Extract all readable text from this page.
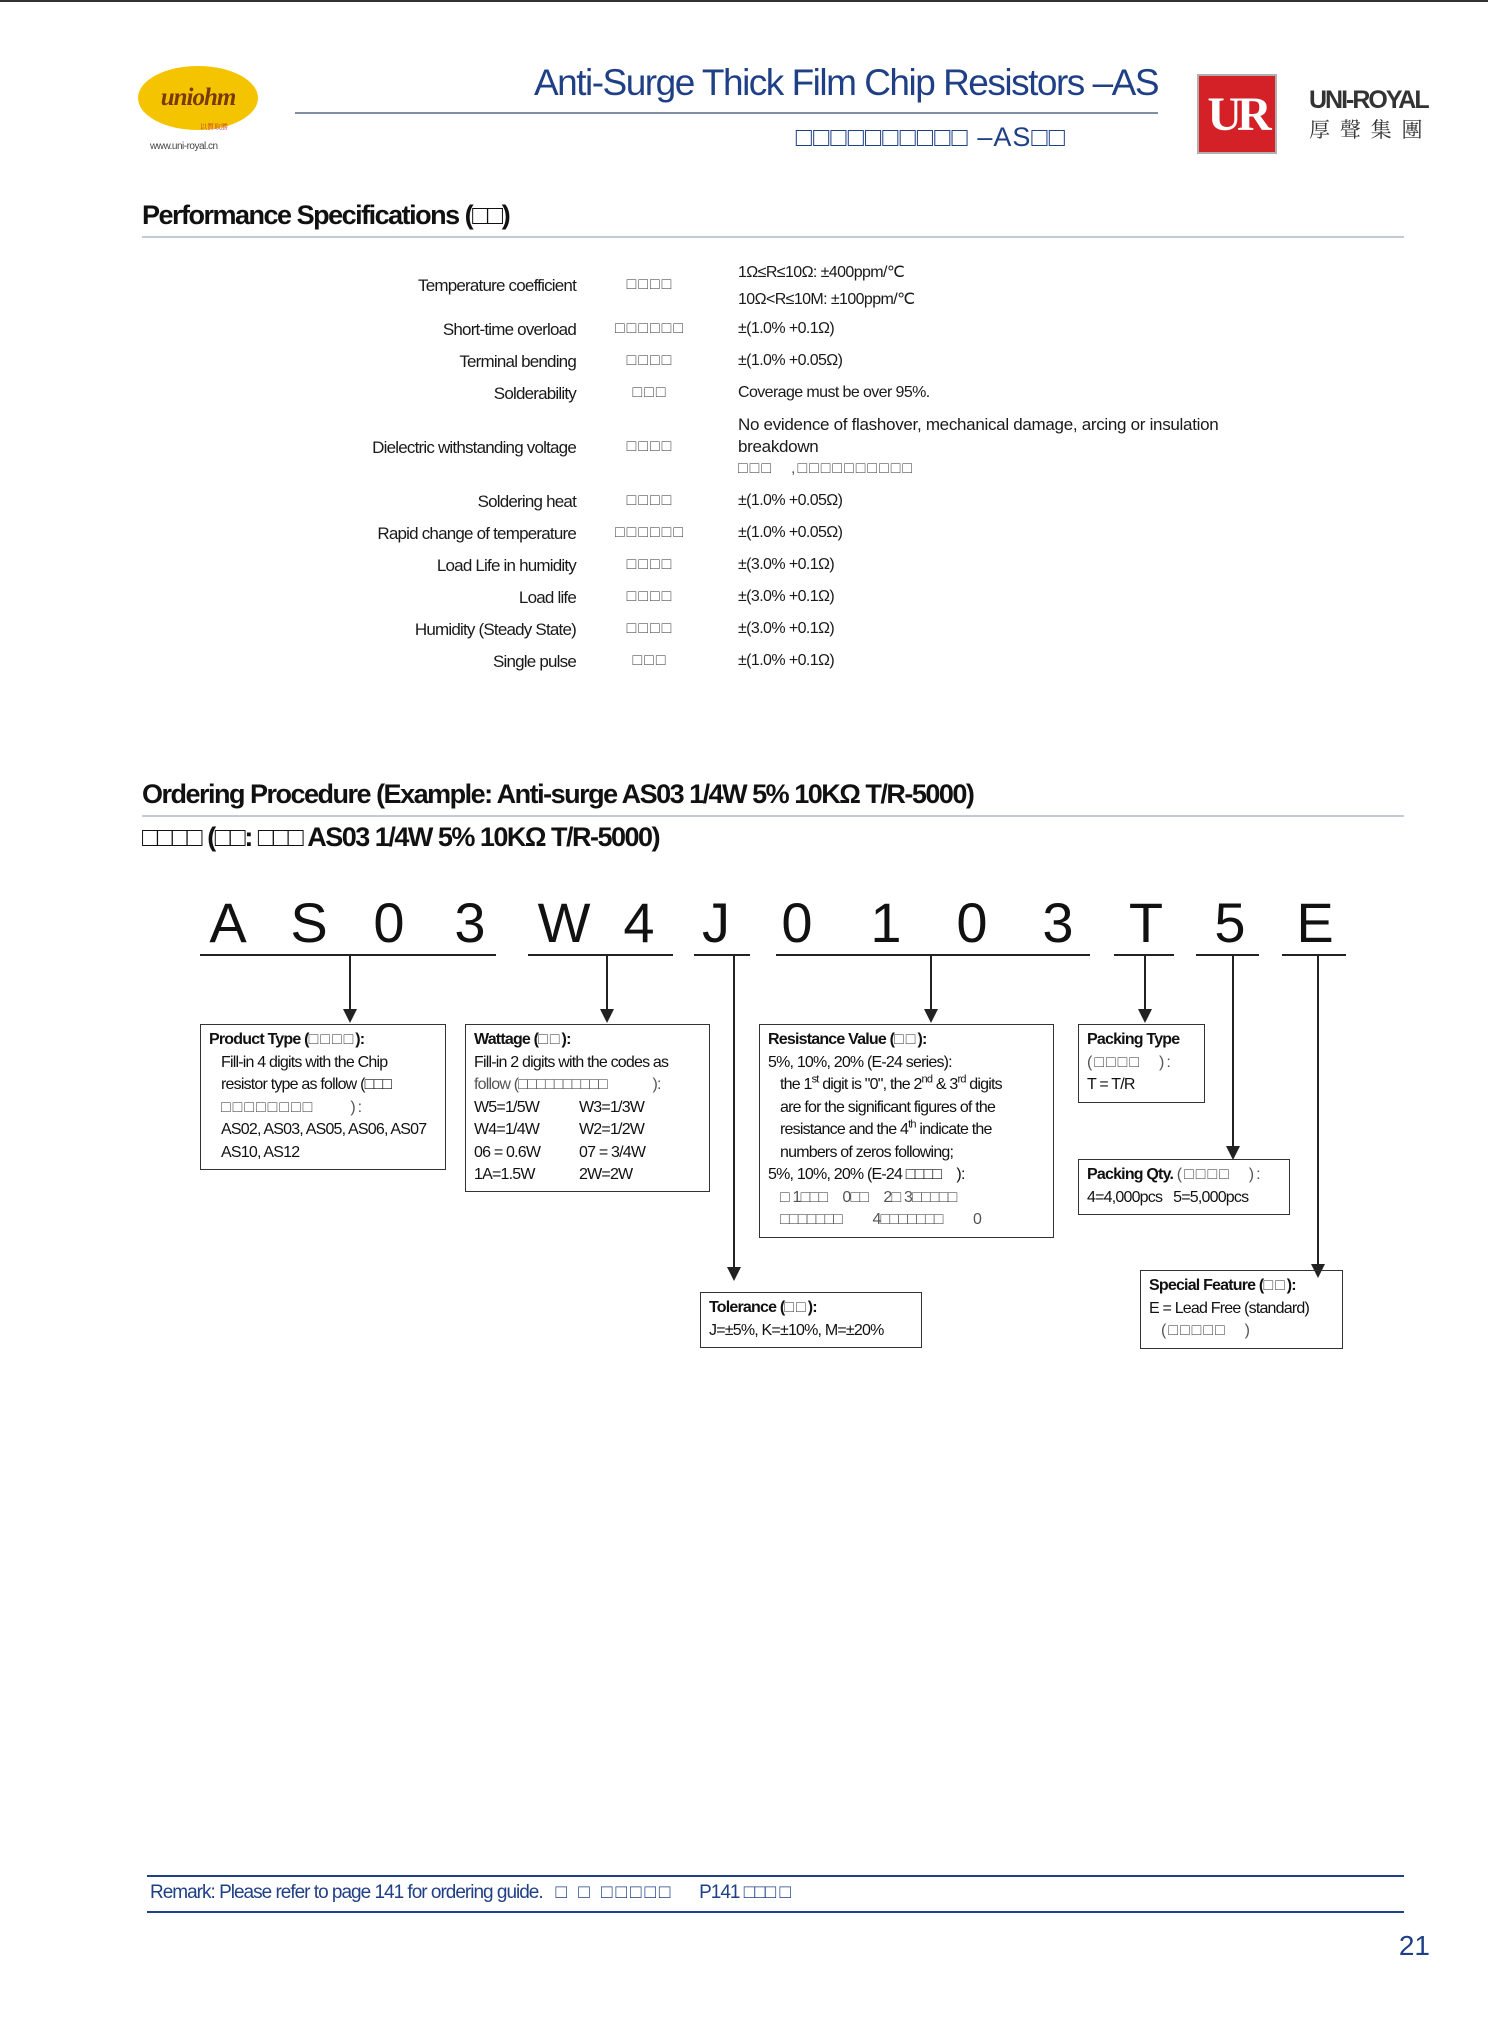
uniohm
以質取勝
www.uni-royal.cn
Anti-Surge Thick Film Chip Resistors –AS
□□□□□□□□□□ –AS□□	UR UNI-ROYAL
厚 聲 集 團
Performance Specifications (□□)
Temperature coefficient	□□□□
1Ω≤R≤10Ω: ±400ppm/℃
10Ω<R≤10M: ±100ppm/℃
Short-time overload	□□□□□□	±(1.0% +0.1Ω)
Terminal bending	□□□□	±(1.0% +0.05Ω)
Solderability	□□□	Coverage must be over 95%.
Dielectric withstanding voltage	□□□□
No evidence of flashover, mechanical damage, arcing or insulation breakdown
□□□　,□□□□□□□□□□
Soldering heat	□□□□	±(1.0% +0.05Ω)
Rapid change of temperature	□□□□□□	±(1.0% +0.05Ω)
Load Life in humidity	□□□□	±(3.0% +0.1Ω)
Load life	□□□□	±(3.0% +0.1Ω)
Humidity (Steady State)	□□□□	±(3.0% +0.1Ω)
Single pulse	□□□	±(1.0% +0.1Ω)
Ordering Procedure (Example: Anti-surge AS03 1/4W 5% 10KΩ T/R-5000)
□□□□ (□□: □□□ AS03 1/4W 5% 10KΩ T/R-5000)
A S 0 3 W 4 J 0 1 0 3 T 5 E
Product Type (□□□□):
Fill-in 4 digits with the Chip
resistor type as follow (□□□
□□□□□□□□　　):
AS02, AS03, AS05, AS06, AS07
AS10, AS12
Wattage (□□):
Fill-in 2 digits with the codes as
follow (□□□□□□□□□□　　　):
W5=1/5W	W3=1/3W
W4=1/4W	W2=1/2W
06 = 0.6W	07 = 3/4W
1A=1.5W	2W=2W
Resistance Value (□□):
5%, 10%, 20% (E-24 series):
the 1st digit is "0", the 2nd & 3rd digits
are for the significant figures of the
resistance and the 4th indicate the
numbers of zeros following;
5%, 10%, 20% (E-24 □□□□　):
□ 1□□□　0□□　2□ 3□□□□□
□□□□□□□　　4□□□□□□□　　0
Packing Type
(□□□□　):
T = T/R
Packing Qty. (□□□□　):
4=4,000pcs 5=5,000pcs
Tolerance (□□):
J=±5%, K=±10%, M=±20%
Special Feature (□□):
E = Lead Free (standard)
(□□□□□　)
Remark: Please refer to page 141 for ordering guide. □ □ □□□□□ P141 □□□ □
21
